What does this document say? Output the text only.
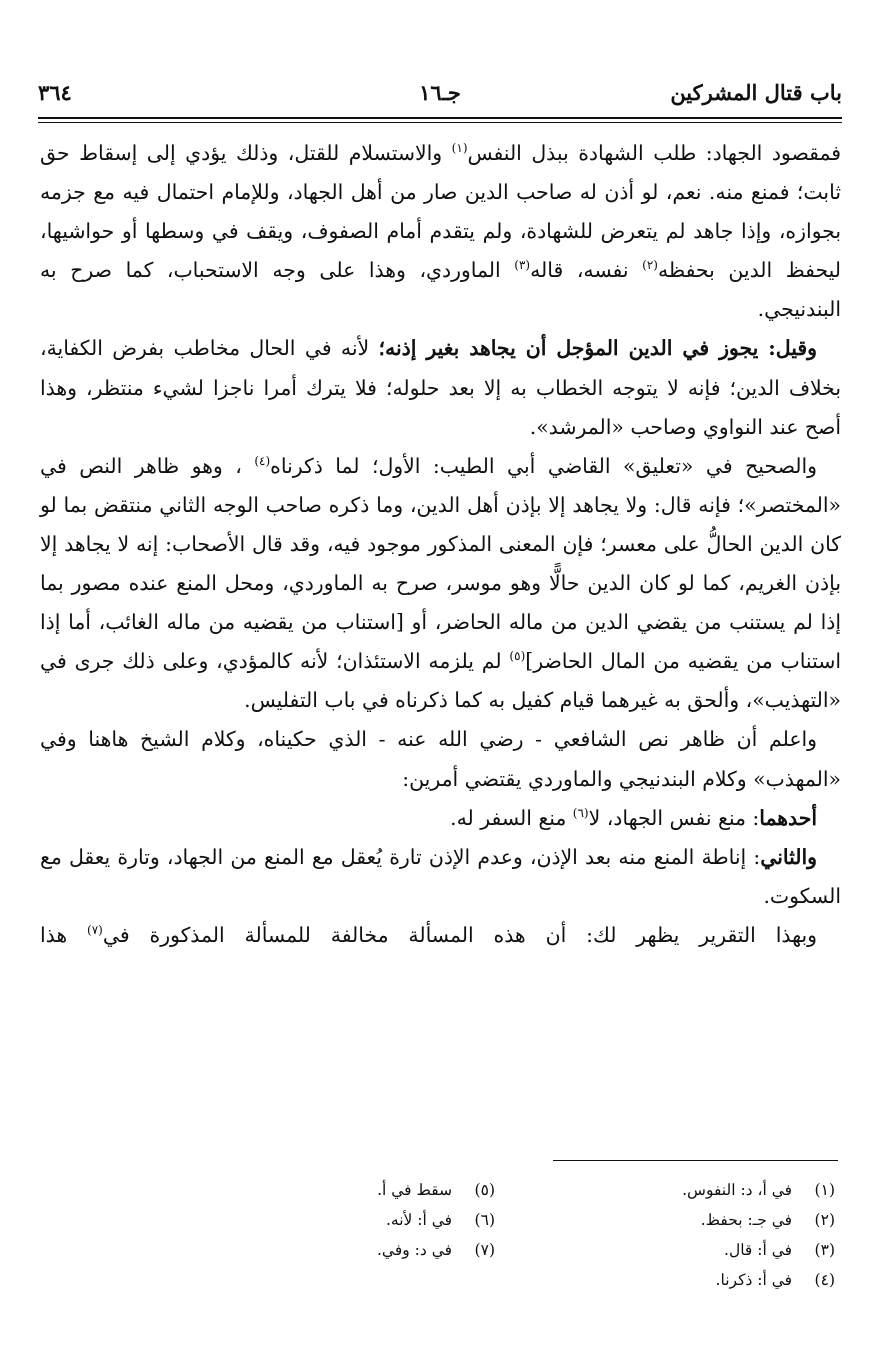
باب قتال المشركين
جـ١٦
٣٦٤

فمقصود الجهاد: طلب الشهادة ببذل النفس$^{(١)}$ والاستسلام للقتل، وذلك يؤدي إلى إسقاط حق ثابت؛ فمنع منه. نعم، لو أذن له صاحب الدين صار من أهل الجهاد، وللإمام احتمال فيه مع جزمه بجوازه، وإذا جاهد لم يتعرض للشهادة، ولم يتقدم أمام الصفوف، ويقف في وسطها أو حواشيها، ليحفظ الدين بحفظه$^{(٢)}$ نفسه، قاله$^{(٣)}$ الماوردي، وهذا على وجه الاستحباب، كما صرح به البندنيجي.

وقيل: يجوز في الدين المؤجل أن يجاهد بغير إذنه؛ لأنه في الحال مخاطب بفرض الكفاية، بخلاف الدين؛ فإنه لا يتوجه الخطاب به إلا بعد حلوله؛ فلا يترك أمرا ناجزا لشيء منتظر، وهذا أصح عند النواوي وصاحب «المرشد».

والصحيح في «تعليق» القاضي أبي الطيب: الأول؛ لما ذكرناه$^{(٤)}$ ، وهو ظاهر النص في «المختصر»؛ فإنه قال: ولا يجاهد إلا بإذن أهل الدين، وما ذكره صاحب الوجه الثاني منتقض بما لو كان الدين الحالُّ على معسر؛ فإن المعنى المذكور موجود فيه، وقد قال الأصحاب: إنه لا يجاهد إلا بإذن الغريم، كما لو كان الدين حالًّا وهو موسر، صرح به الماوردي، ومحل المنع عنده مصور بما إذا لم يستنب من يقضي الدين من ماله الحاضر، أو [استناب من يقضيه من ماله الغائب، أما إذا استناب من يقضيه من المال الحاضر]$^{(٥)}$ لم يلزمه الاستئذان؛ لأنه كالمؤدي، وعلى ذلك جرى في «التهذيب»، وألحق به غيرهما قيام كفيل به كما ذكرناه في باب التفليس.

واعلم أن ظاهر نص الشافعي - رضي الله عنه - الذي حكيناه، وكلام الشيخ هاهنا وفي «المهذب» وكلام البندنيجي والماوردي يقتضي أمرين:

أحدهما: منع نفس الجهاد، لا$^{(٦)}$ منع السفر له.

والثاني: إناطة المنع منه بعد الإذن، وعدم الإذن تارة يُعقل مع المنع من الجهاد، وتارة يعقل مع السكوت.

وبهذا التقرير يظهر لك: أن هذه المسألة مخالفة للمسألة المذكورة في$^{(٧)}$ هذا

(١) في أ، د: النفوس.
(٢) في جـ: بحفظ.
(٣) في أ: قال.
(٤) في أ: ذكرنا.
(٥) سقط في أ.
(٦) في أ: لأنه.
(٧) في د: وفي.
